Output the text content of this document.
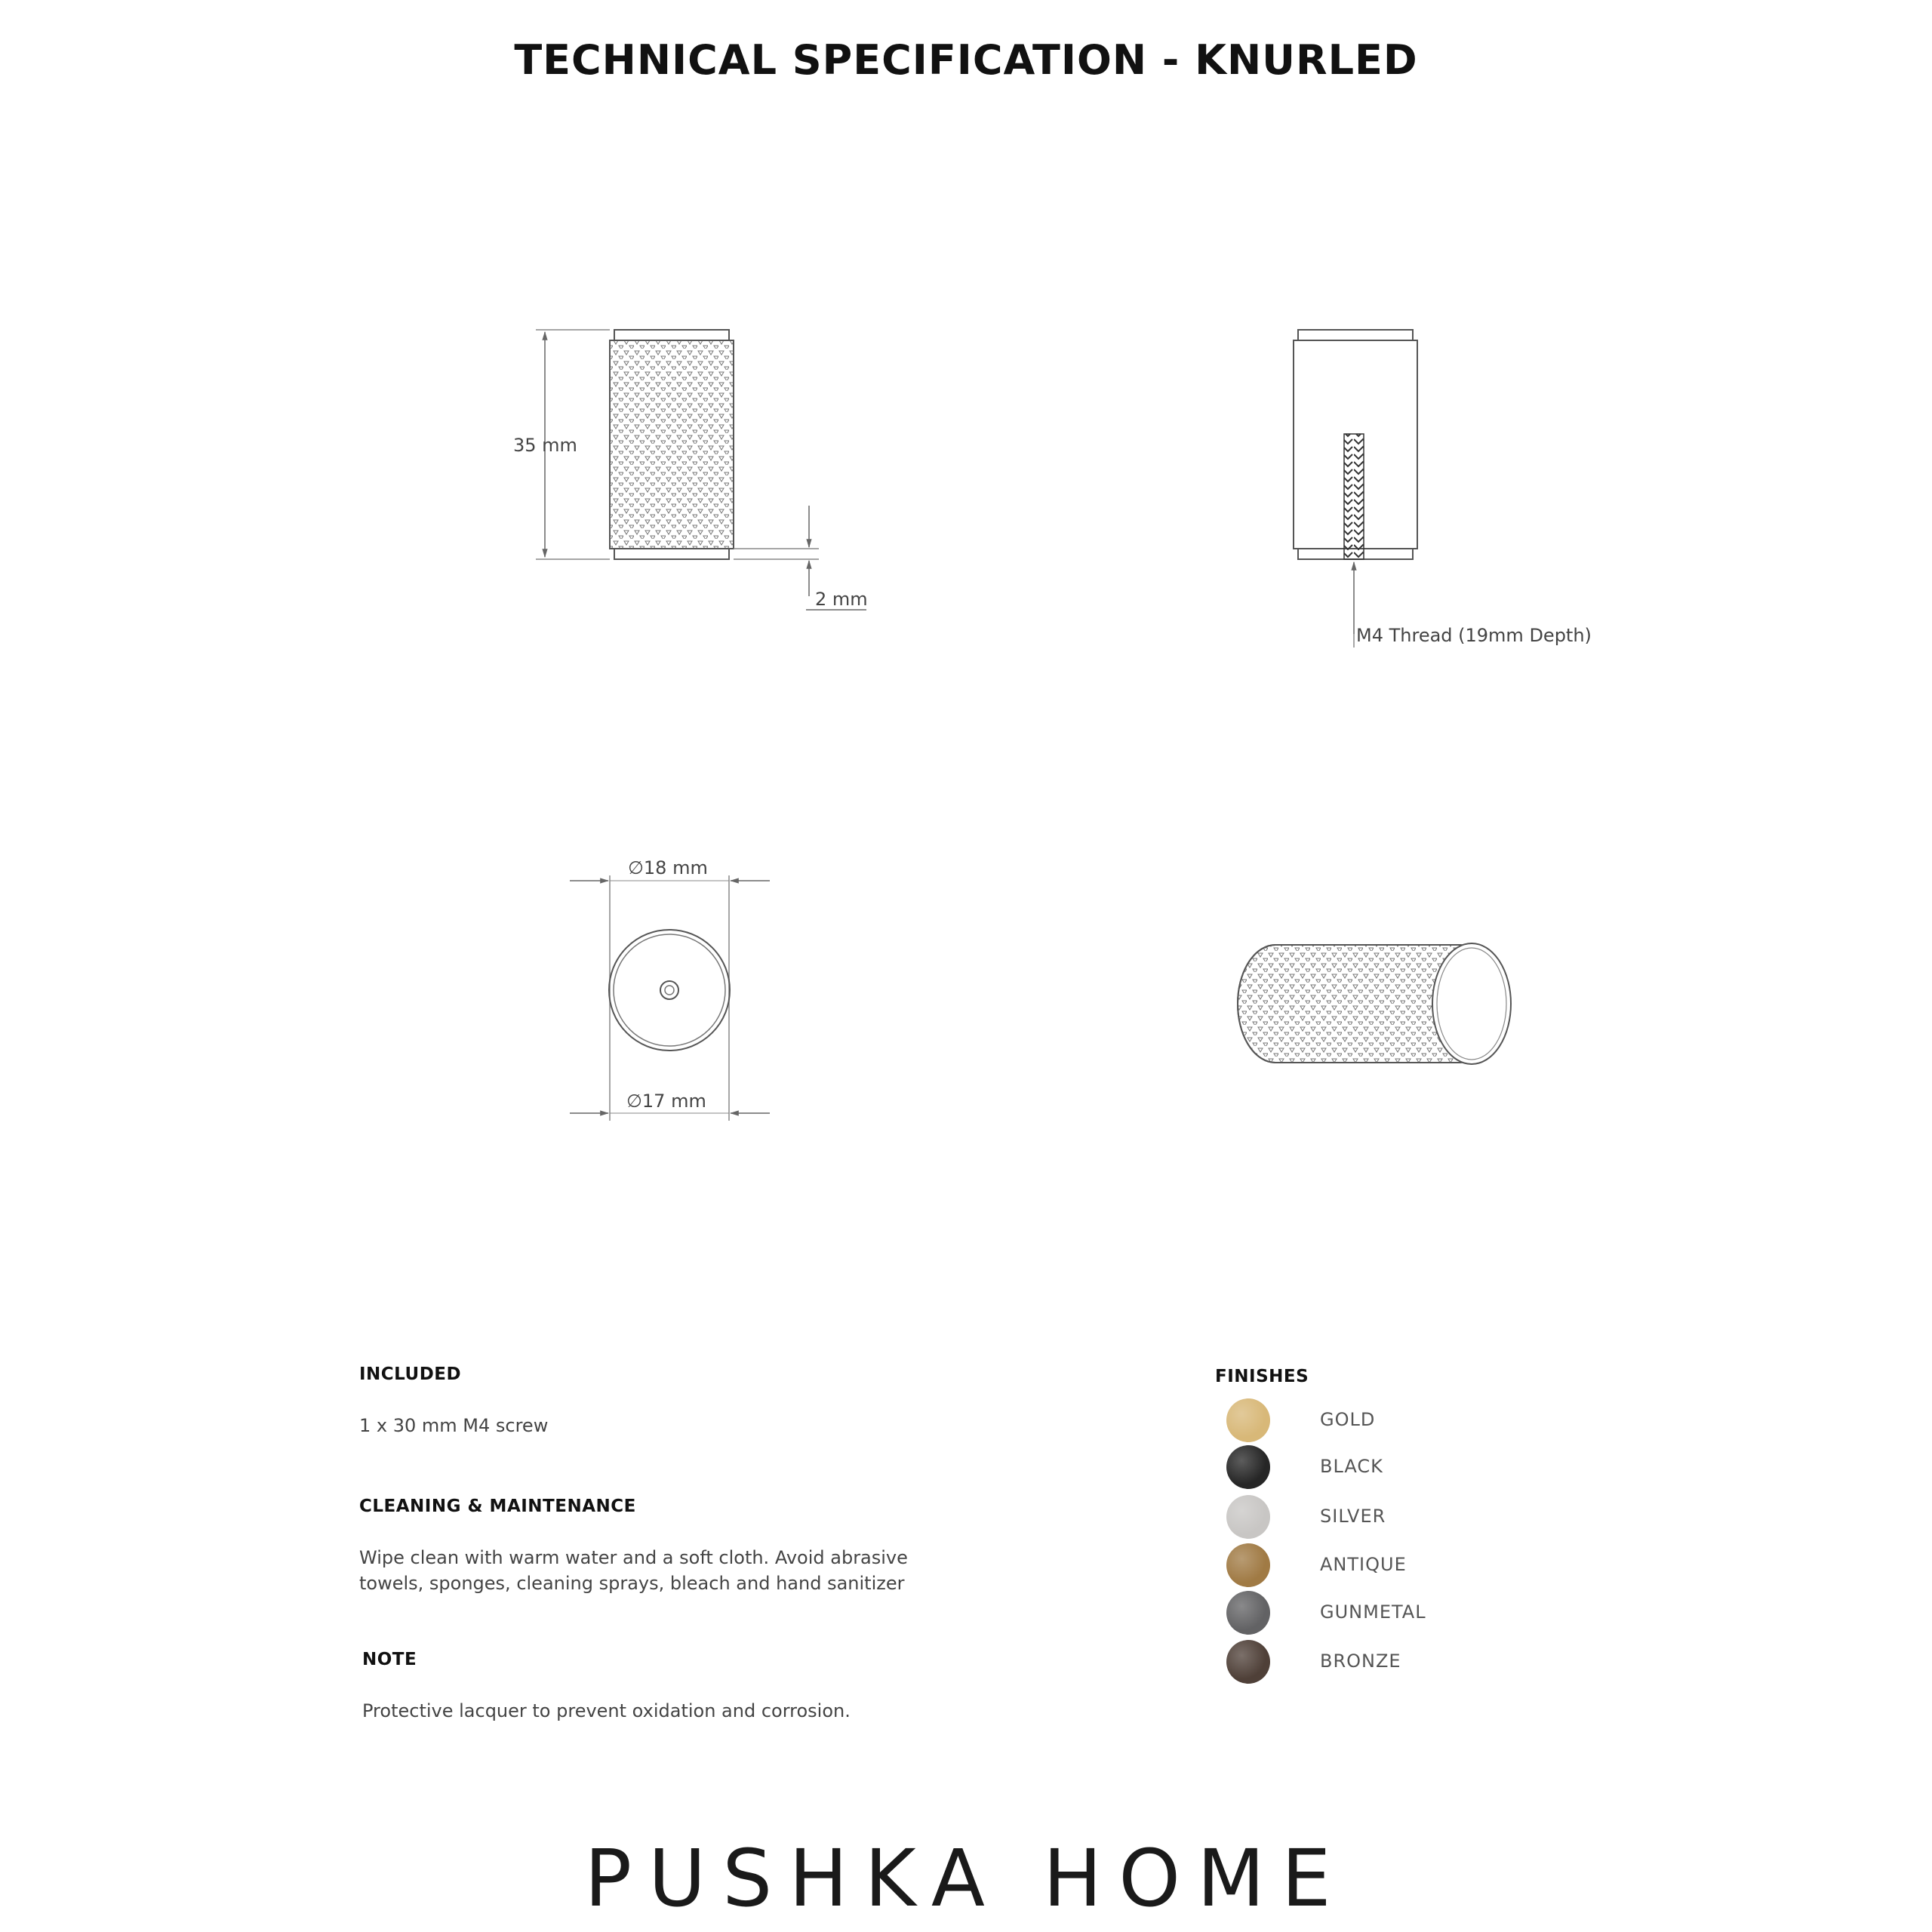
TECHNICAL SPECIFICATION - KNURLED
35 mm
2 mm
M4 Thread (19mm Depth)
∅18 mm
∅17 mm
INCLUDED
1 x 30 mm M4 screw
CLEANING & MAINTENANCE
Wipe clean with warm water and a soft cloth. Avoid abrasive
towels, sponges, cleaning sprays, bleach and hand sanitizer
NOTE
Protective lacquer to prevent oxidation and corrosion.
FINISHES
GOLD
BLACK
SILVER
ANTIQUE
GUNMETAL
BRONZE
PUSHKA HOME
